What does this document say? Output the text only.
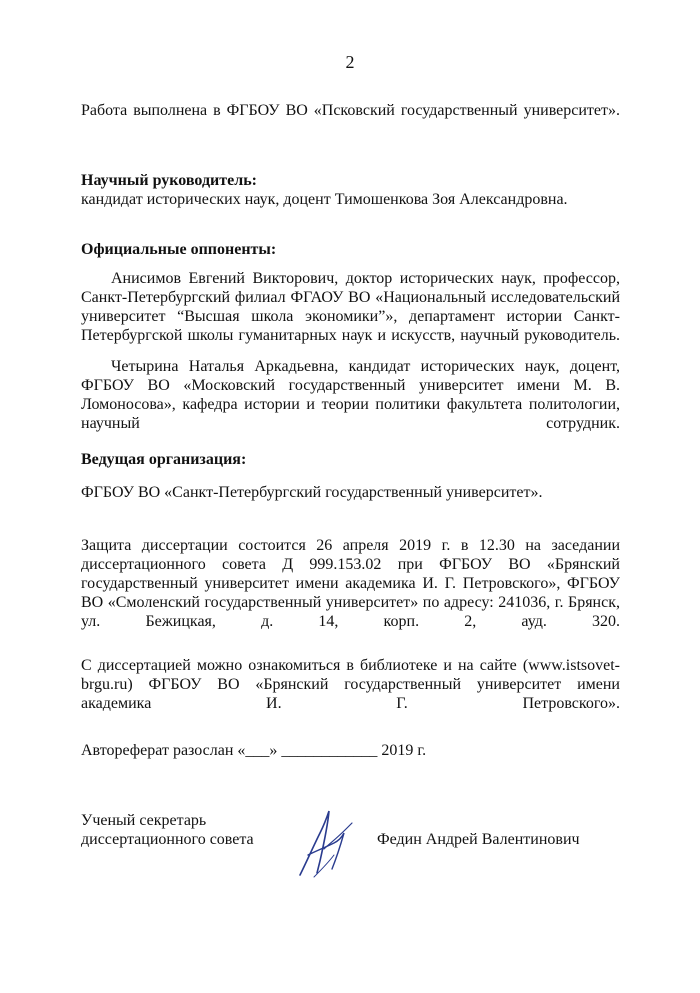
2

Работа выполнена в ФГБОУ ВО «Псковский государственный университет».

Научный руководитель:

кандидат исторических наук, доцент Тимошенкова Зоя Александровна.

Официальные оппоненты:

Анисимов Евгений Викторович, доктор исторических наук, профессор, Санкт-Петербургский филиал ФГАОУ ВО «Национальный исследовательский университет “Высшая школа экономики”», департамент истории Санкт-Петербургской школы гуманитарных наук и искусств, научный руководитель.

Четырина Наталья Аркадьевна, кандидат исторических наук, доцент, ФГБОУ ВО «Московский государственный университет имени М. В. Ломоносова», кафедра истории и теории политики факультета политологии, научный сотрудник.

Ведущая организация:

ФГБОУ ВО «Санкт-Петербургский государственный университет».

Защита диссертации состоится 26 апреля 2019 г. в 12.30 на заседании диссертационного совета Д 999.153.02 при ФГБОУ ВО «Брянский государственный университет имени академика И. Г. Петровского», ФГБОУ ВО «Смоленский государственный университет» по адресу: 241036, г. Брянск, ул. Бежицкая, д. 14, корп. 2, ауд. 320.

С диссертацией можно ознакомиться в библиотеке и на сайте (www.istsovet-brgu.ru) ФГБОУ ВО «Брянский государственный университет имени академика И. Г. Петровского».

Автореферат разослан «___» ____________ 2019 г.

Ученый секретарь
диссертационного совета	Федин Андрей Валентинович
